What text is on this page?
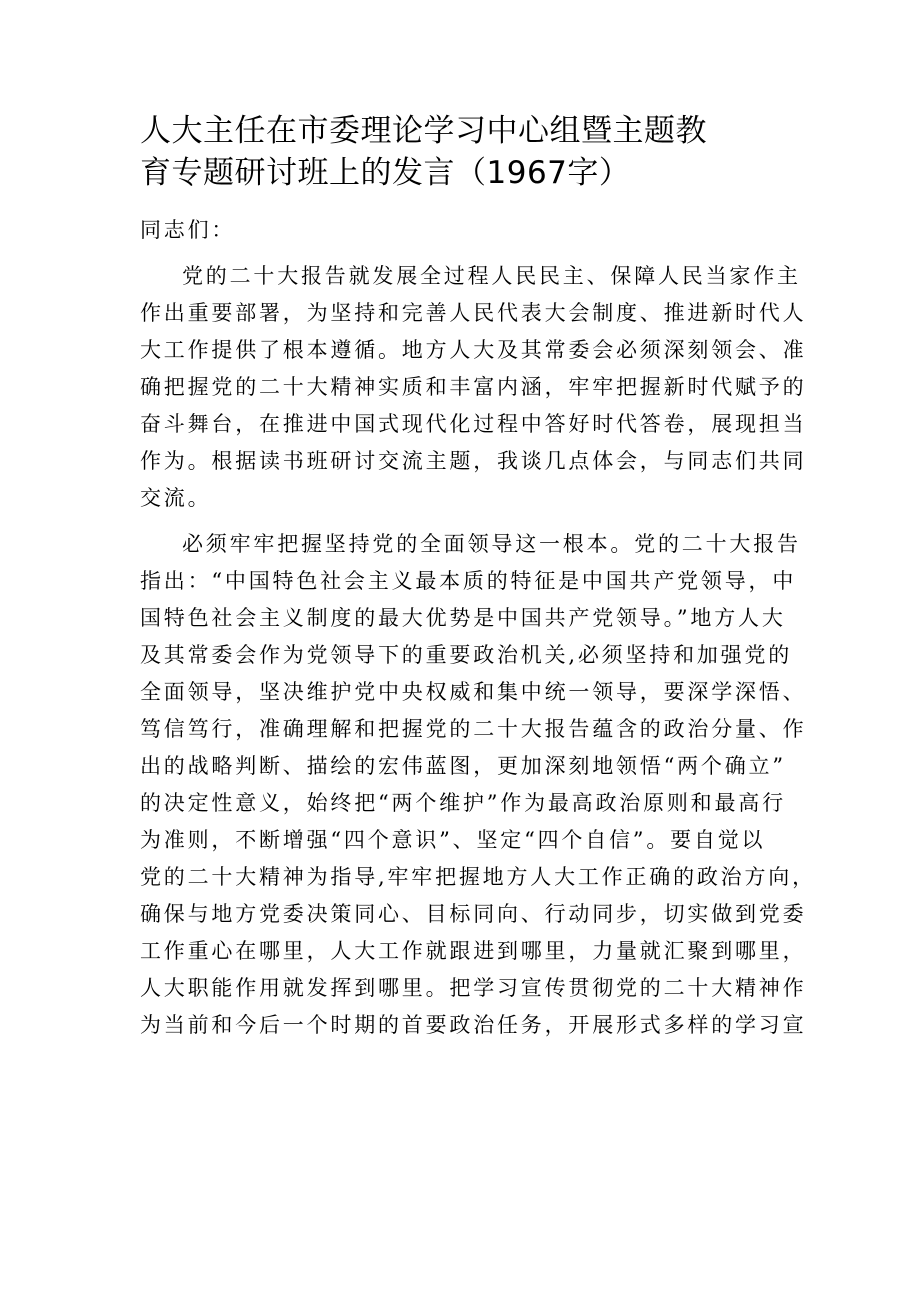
人大主任在市委理论学习中心组暨主题教
育专题研讨班上的发言（1967字）

同志们：

党的二十大报告就发展全过程人民民主、保障人民当家作主
作出重要部署，为坚持和完善人民代表大会制度、推进新时代人
大工作提供了根本遵循。地方人大及其常委会必须深刻领会、准
确把握党的二十大精神实质和丰富内涵，牢牢把握新时代赋予的
奋斗舞台，在推进中国式现代化过程中答好时代答卷，展现担当
作为。根据读书班研讨交流主题，我谈几点体会，与同志们共同
交流。

必须牢牢把握坚持党的全面领导这一根本。党的二十大报告
指出：“中国特色社会主义最本质的特征是中国共产党领导，中
国特色社会主义制度的最大优势是中国共产党领导。”地方人大
及其常委会作为党领导下的重要政治机关,必须坚持和加强党的
全面领导，坚决维护党中央权威和集中统一领导，要深学深悟、
笃信笃行，准确理解和把握党的二十大报告蕴含的政治分量、作
出的战略判断、描绘的宏伟蓝图，更加深刻地领悟“两个确立”
的决定性意义，始终把“两个维护”作为最高政治原则和最高行
为准则，不断增强“四个意识”、坚定“四个自信”。要自觉以
党的二十大精神为指导,牢牢把握地方人大工作正确的政治方向，
确保与地方党委决策同心、目标同向、行动同步，切实做到党委
工作重心在哪里，人大工作就跟进到哪里，力量就汇聚到哪里，
人大职能作用就发挥到哪里。把学习宣传贯彻党的二十大精神作
为当前和今后一个时期的首要政治任务，开展形式多样的学习宣
